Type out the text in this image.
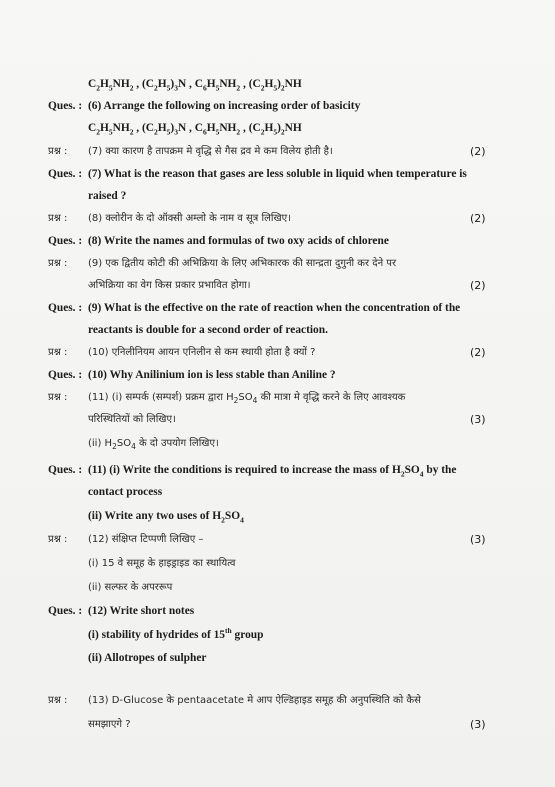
$C_2H_5NH_2$ , $(C_2H_5)_3N$ , $C_6H_5NH_2$ , $(C_2H_5)_2NH$
Ques. : (6) Arrange the following on increasing order of basicity
$C_2H_5NH_2$ , $(C_2H_5)_3N$ , $C_6H_5NH_2$ , $(C_2H_5)_2NH$
प्रश्न : (7) क्या कारण है तापक्रम मे वृद्धि से गैस द्रव मे कम विलेय होती है।	(2)
Ques. : (7) What is the reason that gases are less soluble in liquid when temperature is
raised ?
प्रश्न : (8) क्लोरीन के दो ऑक्सी अम्लो के नाम व सूत्र लिखिए।	(2)
Ques. : (8) Write the names and formulas of two oxy acids of chlorene
प्रश्न : (9) एक द्वितीय कोटी की अभिक्रिया के लिए अभिकारक की सान्द्रता दुगुनी कर देने पर
अभिक्रिया का वेग किस प्रकार प्रभावित होगा।	(2)
Ques. : (9) What is the effective on the rate of reaction when the concentration of the
reactants is double for a second order of reaction.
प्रश्न : (10) एनिलीनियम आयन एनिलीन से कम स्थायी होता है क्यों ?	(2)
Ques. : (10) Why Anilinium ion is less stable than Aniline ?
प्रश्न : (11) (i) सम्पर्क (सम्पर्श) प्रक्रम द्वारा $H_2SO_4$ की मात्रा मे वृद्धि करने के लिए आवश्यक
परिस्थितियों को लिखिए।	(3)
(ii) $H_2SO_4$ के दो उपयोग लिखिए।
Ques. : (11) (i) Write the conditions is required to increase the mass of $H_2SO_4$ by the
contact process
(ii) Write any two uses of $H_2SO_4$
प्रश्न : (12) संक्षिप्त टिप्पणी लिखिए –	(3)
(i) 15 वे समूह के हाइड्राइड का स्थायित्व
(ii) सल्फर के अपररूप
Ques. : (12) Write short notes
(i) stability of hydrides of 15th group
(ii) Allotropes of sulpher
प्रश्न : (13) D-Glucose के pentaacetate मे आप ऐल्डिहाइड समूह की अनुपस्थिति को कैसे
समझाएगे ?	(3)
